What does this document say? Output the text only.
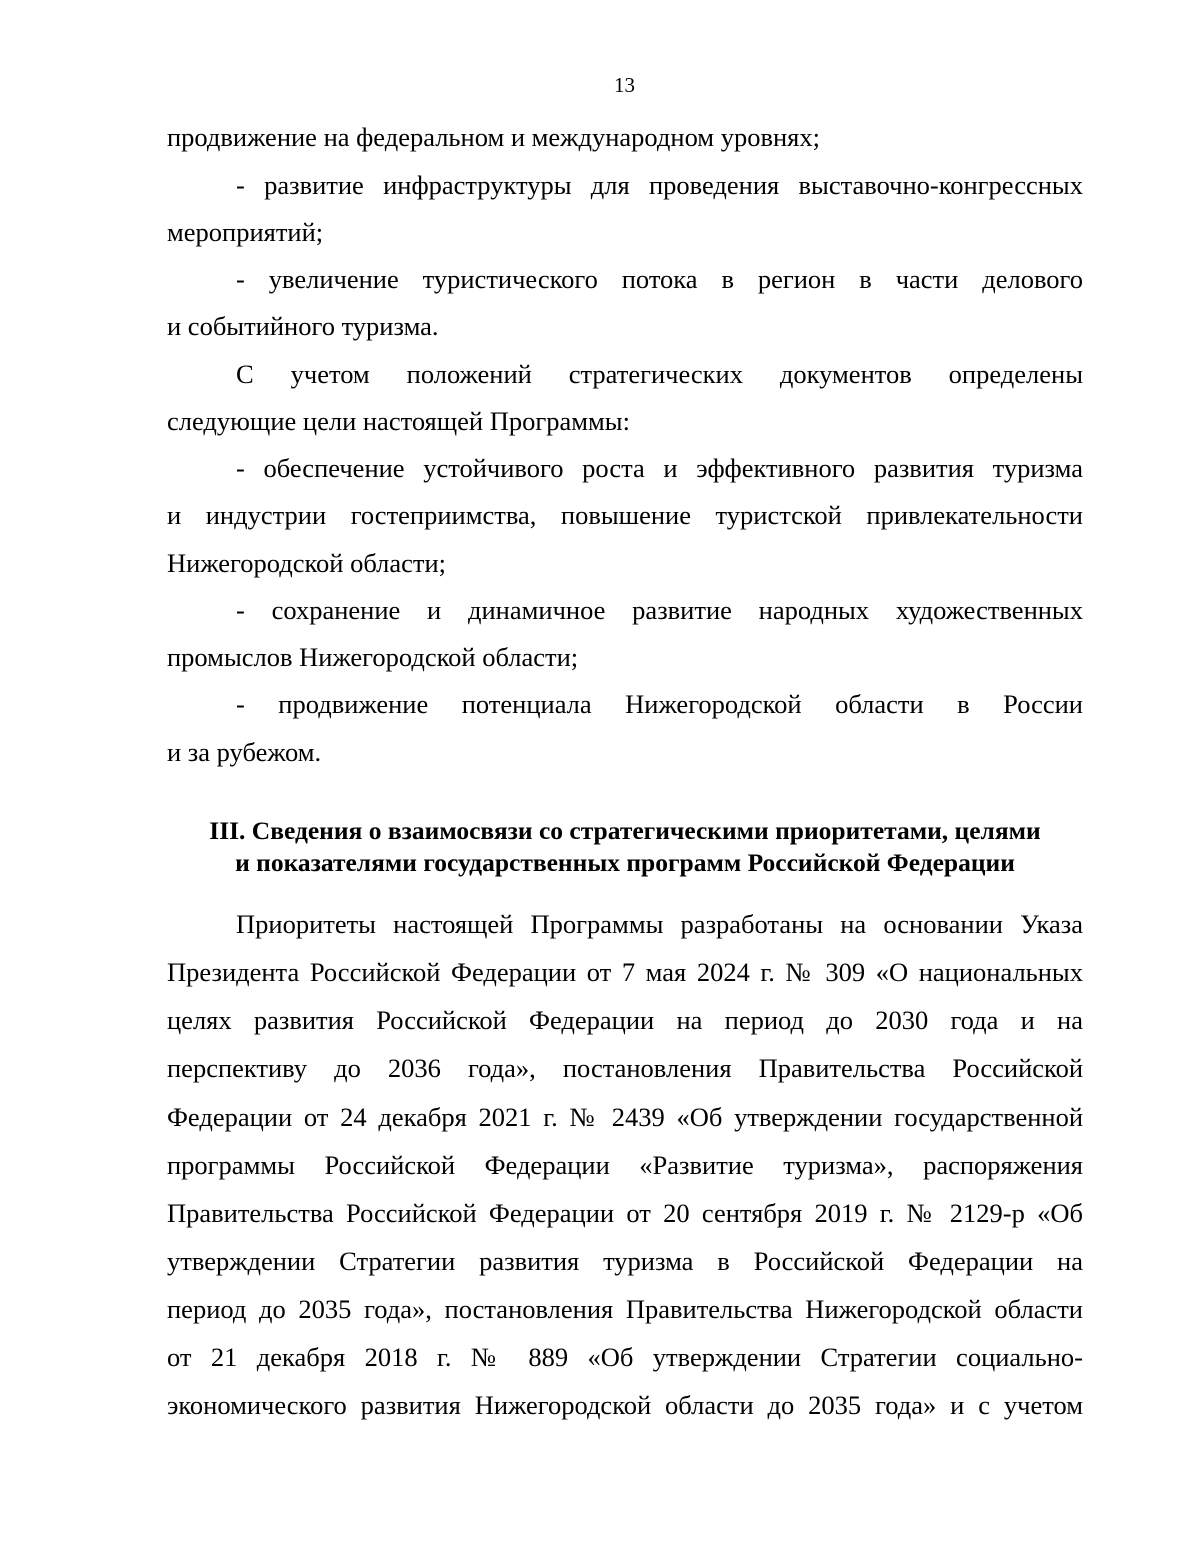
13
продвижение на федеральном и международном уровнях;
- развитие инфраструктуры для проведения выставочно-конгрессных
мероприятий;
- увеличение туристического потока в регион в части делового
и событийного туризма.
С учетом положений стратегических документов определены
следующие цели настоящей Программы:
- обеспечение устойчивого роста и эффективного развития туризма
и индустрии гостеприимства, повышение туристской привлекательности
Нижегородской области;
- сохранение и динамичное развитие народных художественных
промыслов Нижегородской области;
- продвижение потенциала Нижегородской области в России
и за рубежом.
III. Сведения о взаимосвязи со стратегическими приоритетами, целями
и показателями государственных программ Российской Федерации
Приоритеты настоящей Программы разработаны на основании Указа
Президента Российской Федерации от 7 мая 2024 г. № 309 «О национальных
целях развития Российской Федерации на период до 2030 года и на
перспективу до 2036 года», постановления Правительства Российской
Федерации от 24 декабря 2021 г. № 2439 «Об утверждении государственной
программы Российской Федерации «Развитие туризма», распоряжения
Правительства Российской Федерации от 20 сентября 2019 г. № 2129-р «Об
утверждении Стратегии развития туризма в Российской Федерации на
период до 2035 года», постановления Правительства Нижегородской области
от 21 декабря 2018 г. № 889 «Об утверждении Стратегии социально-
экономического развития Нижегородской области до 2035 года» и с учетом
